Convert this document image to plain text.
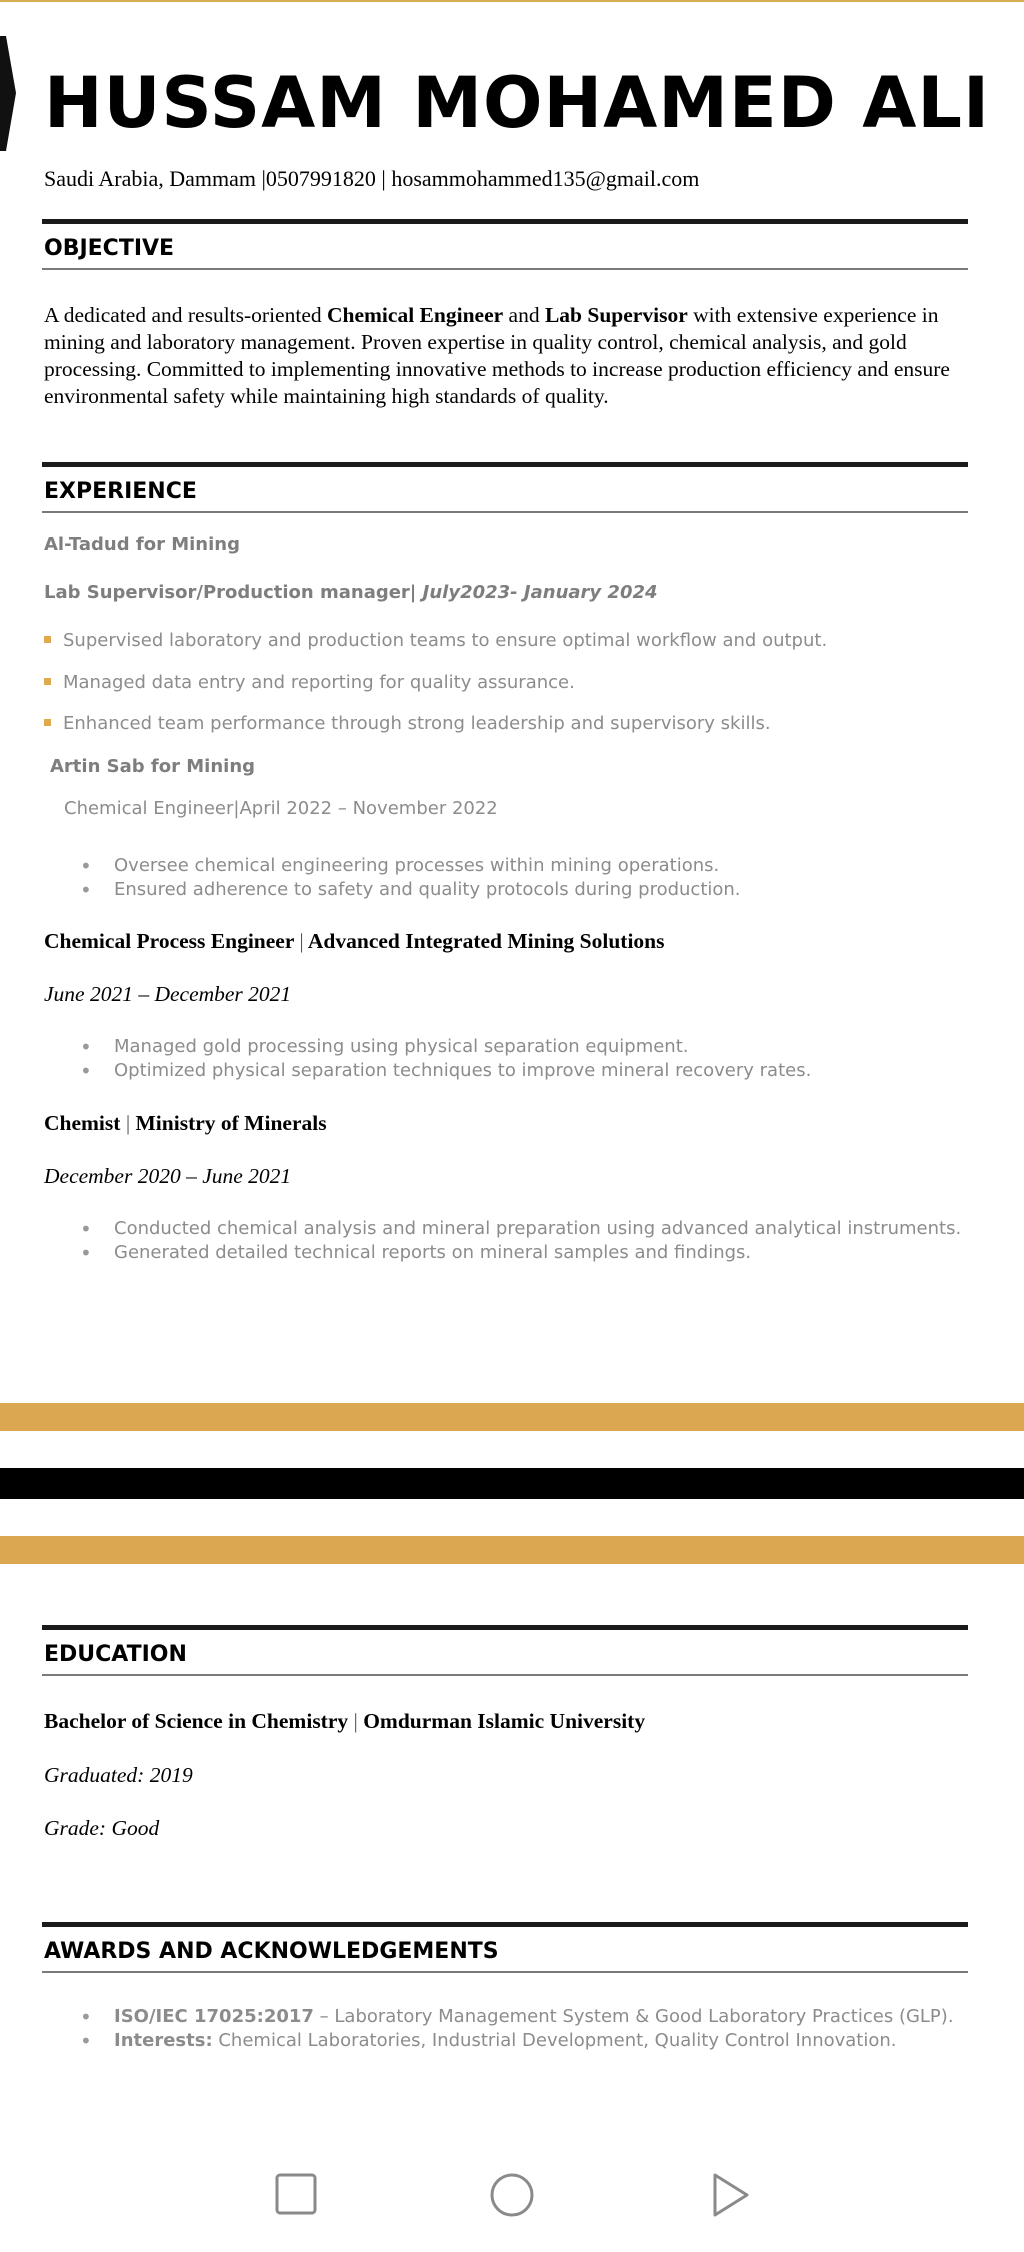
HUSSAM MOHAMED ALI
Saudi Arabia, Dammam |0507991820 | hosammohammed135@gmail.com
OBJECTIVE

A dedicated and results-oriented Chemical Engineer and Lab Supervisor with extensive experience in mining and laboratory management. Proven expertise in quality control, chemical analysis, and gold processing. Committed to implementing innovative methods to increase production efficiency and ensure environmental safety while maintaining high standards of quality.

EXPERIENCE
Al-Tadud for Mining
Lab Supervisor/Production manager| July2023- January 2024
Supervised laboratory and production teams to ensure optimal workflow and output.
Managed data entry and reporting for quality assurance.
Enhanced team performance through strong leadership and supervisory skills.
Artin Sab for Mining
Chemical Engineer|April 2022 – November 2022
• Oversee chemical engineering processes within mining operations.
• Ensured adherence to safety and quality protocols during production.
Chemical Process Engineer | Advanced Integrated Mining Solutions
June 2021 – December 2021
• Managed gold processing using physical separation equipment.
• Optimized physical separation techniques to improve mineral recovery rates.
Chemist | Ministry of Minerals
December 2020 – June 2021
• Conducted chemical analysis and mineral preparation using advanced analytical instruments.
• Generated detailed technical reports on mineral samples and findings.
EDUCATION
Bachelor of Science in Chemistry | Omdurman Islamic University
Graduated: 2019
Grade: Good
AWARDS AND ACKNOWLEDGEMENTS
• ISO/IEC 17025:2017 – Laboratory Management System & Good Laboratory Practices (GLP).
• Interests: Chemical Laboratories, Industrial Development, Quality Control Innovation.
